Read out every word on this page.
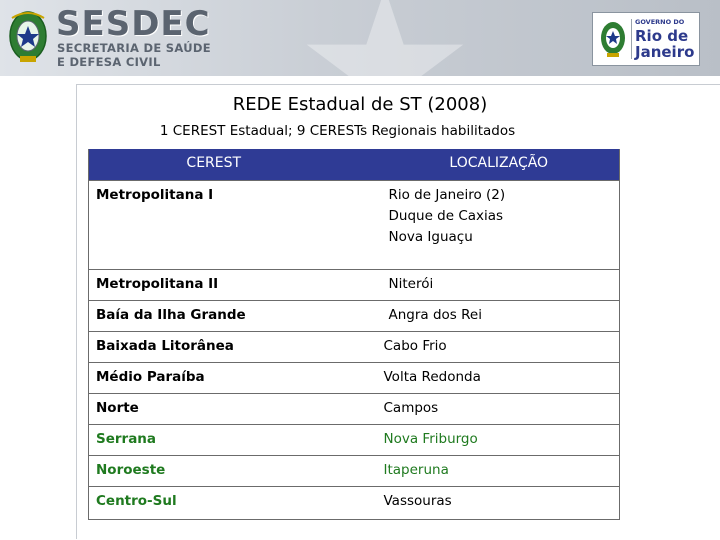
SESDEC
SECRETARIA DE SAÚDE
E DEFESA CIVIL
GOVERNO DO
Rio de
Janeiro
REDE Estadual de ST (2008)
1 CEREST Estadual; 9 CERESTs Regionais habilitados
CEREST	LOCALIZAÇÃO
Metropolitana I	Rio de Janeiro (2)
Duque de Caxias
Nova Iguaçu

Metropolitana II	Niterói

Baía da Ilha Grande	Angra dos Rei

Baixada Litorânea	Cabo Frio

Médio Paraíba	Volta Redonda

Norte	Campos

Serrana	Nova Friburgo

Noroeste	Itaperuna

Centro-Sul	Vassouras
